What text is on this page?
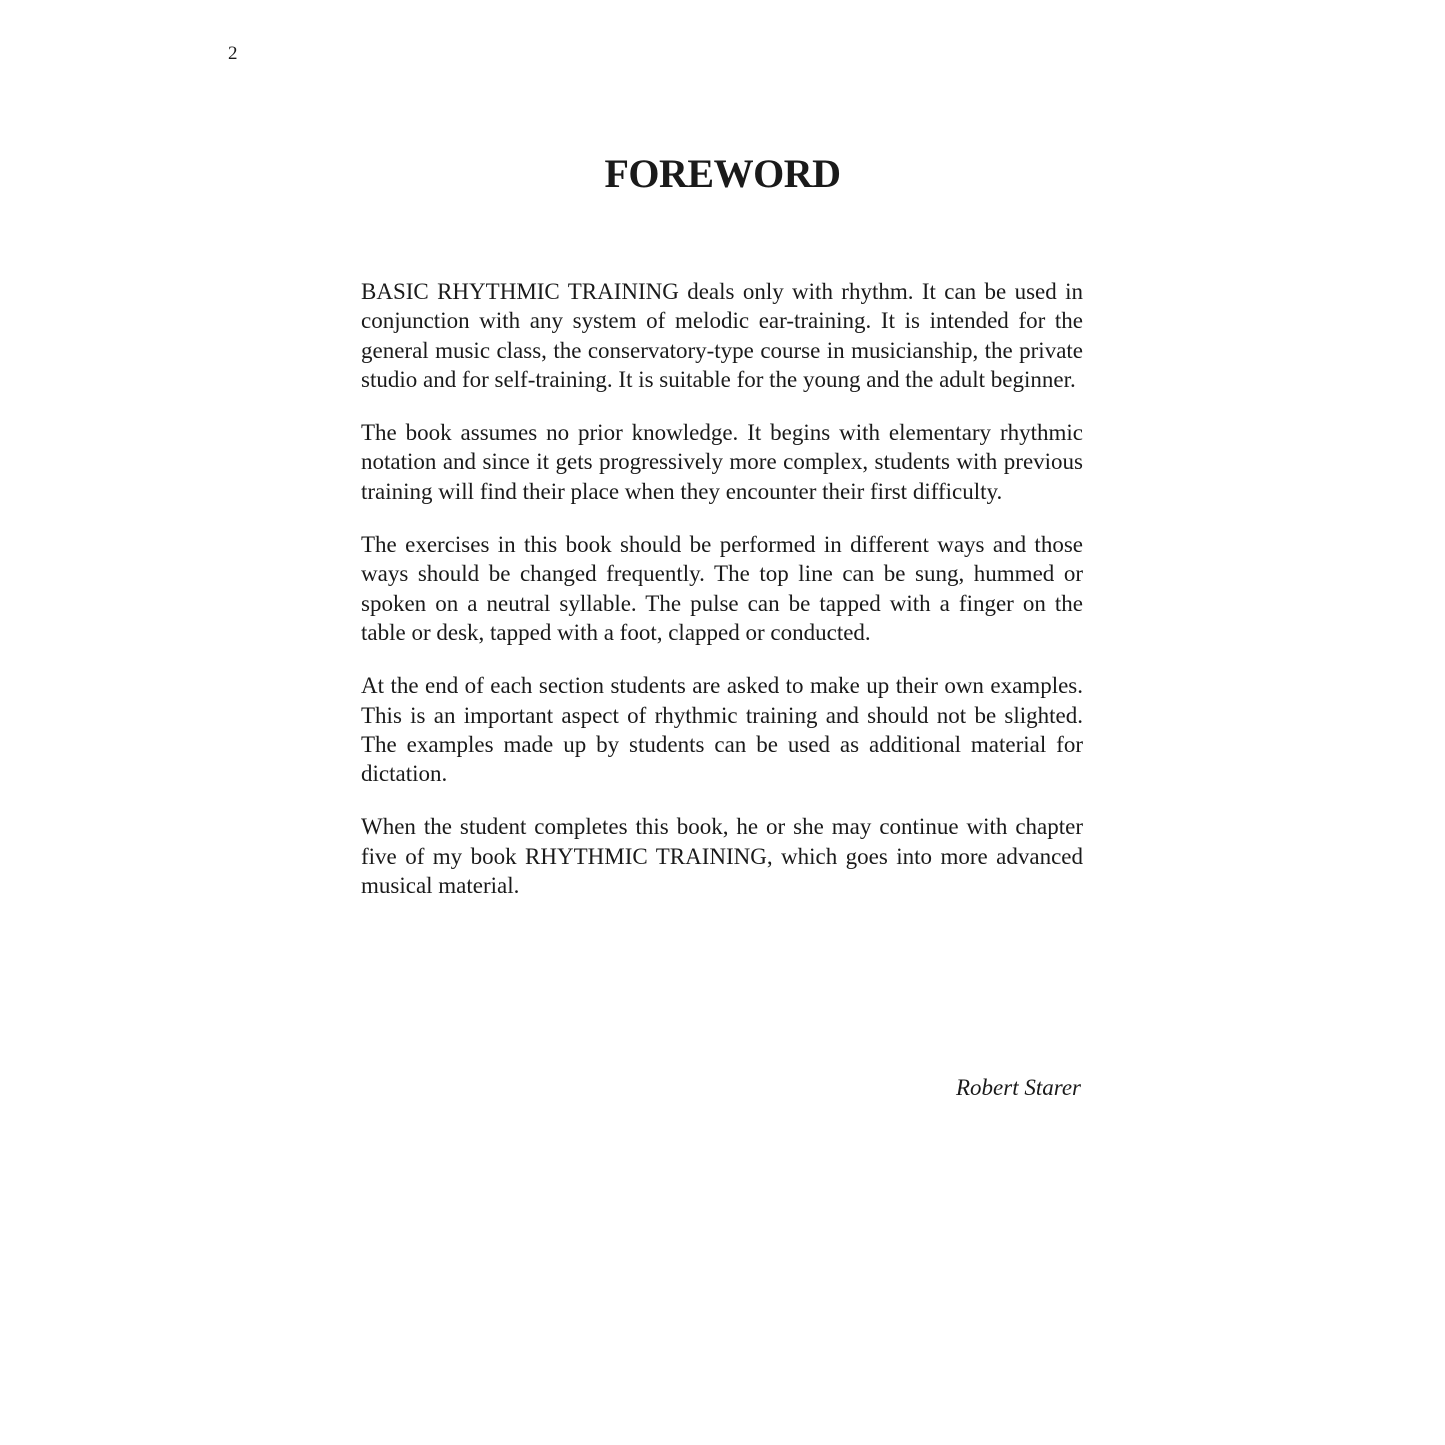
2
FOREWORD

BASIC RHYTHMIC TRAINING deals only with rhythm. It can be used in conjunction with any system of melodic ear-training. It is intended for the general music class, the conservatory-type course in musicianship, the private studio and for self-training. It is suitable for the young and the adult beginner.

The book assumes no prior knowledge. It begins with elementary rhythmic notation and since it gets progressively more complex, students with previous training will find their place when they encounter their first difficulty.

The exercises in this book should be performed in different ways and those ways should be changed frequently. The top line can be sung, hummed or spoken on a neutral syllable. The pulse can be tapped with a finger on the table or desk, tapped with a foot, clapped or conducted.

At the end of each section students are asked to make up their own examples. This is an important aspect of rhythmic training and should not be slighted. The examples made up by students can be used as additional material for dictation.

When the student completes this book, he or she may continue with chapter five of my book RHYTHMIC TRAINING, which goes into more advanced musical material.

Robert Starer
